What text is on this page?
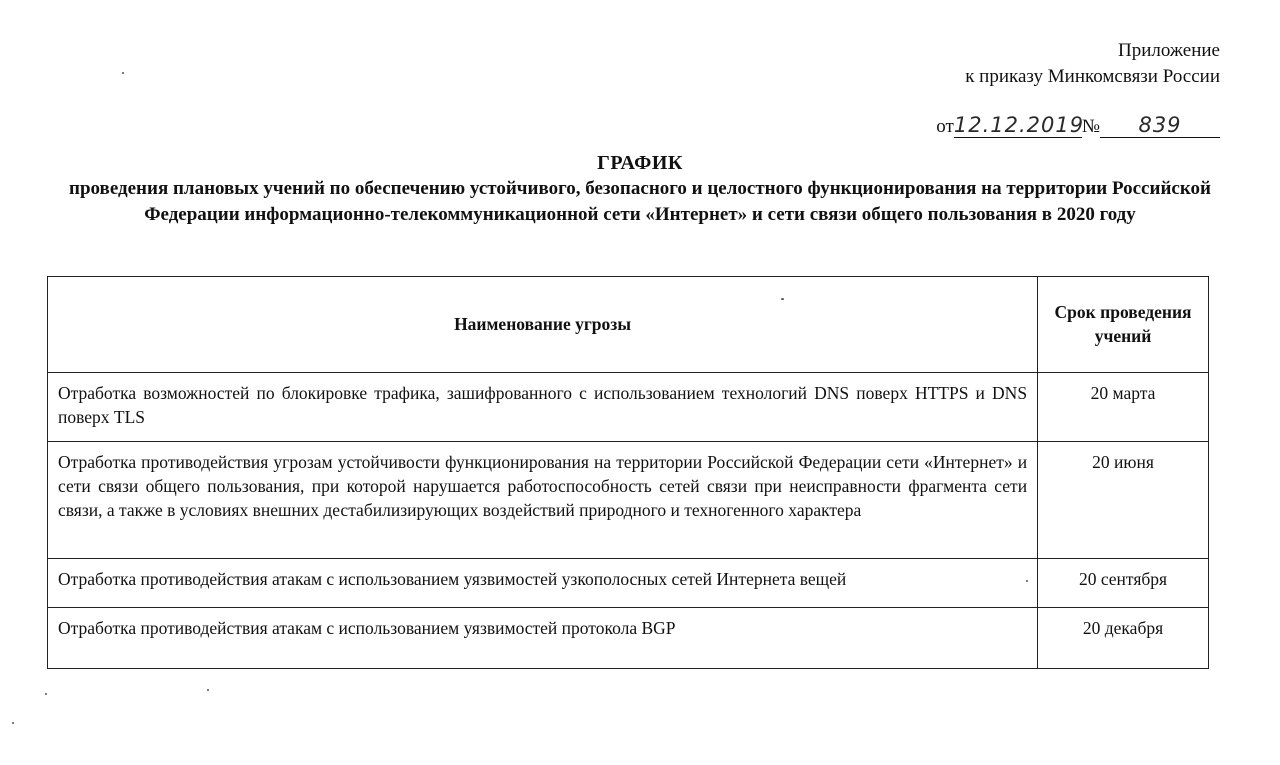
Приложение
к приказу Минкомсвязи России
от 12.12.2019
№	839
ГРАФИК
проведения плановых учений по обеспечению устойчивого, безопасного и целостного функционирования на территории Российской Федерации информационно-телекоммуникационной сети «Интернет» и сети связи общего пользования в 2020 году
Наименование угрозы	Срок проведения учений
Отработка возможностей по блокировке трафика, зашифрованного с использованием технологий DNS поверх HTTPS и DNS поверх TLS	20 марта
Отработка противодействия угрозам устойчивости функционирования на территории Российской Федерации сети «Интернет» и сети связи общего пользования, при которой нарушается работоспособность сетей связи при неисправности фрагмента сети связи, а также в условиях внешних дестабилизирующих воздействий природного и техногенного характера	20 июня
Отработка противодействия атакам с использованием уязвимостей узкополосных сетей Интернета вещей	20 сентября
Отработка противодействия атакам с использованием уязвимостей протокола BGP	20 декабря
